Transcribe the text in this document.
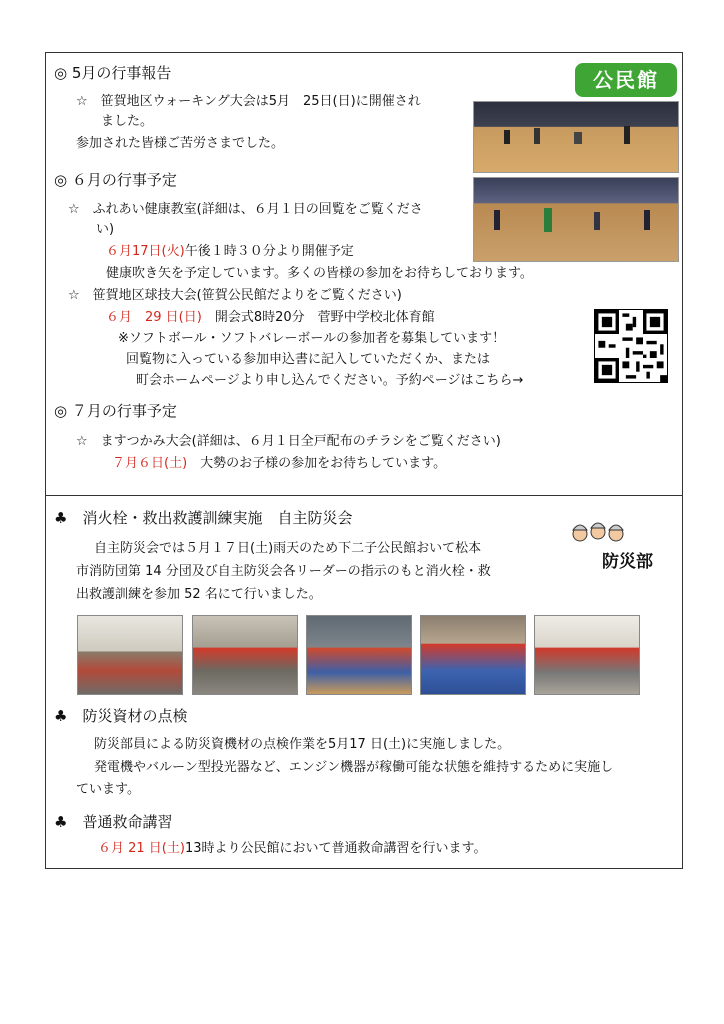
◎ 5月の行事報告	公民館
☆　笹賀地区ウォーキング大会は5月　25日(日)に開催され
ました。
参加された皆様ご苦労さまでした。
◎ ６月の行事予定
☆　ふれあい健康教室(詳細は、６月１日の回覧をご覧くださ
い)
６月17日(火)午後１時３０分より開催予定
健康吹き矢を予定しています。多くの皆様の参加をお待ちしております。
☆　笹賀地区球技大会(笹賀公民館だよりをご覧ください)
６月　29 日(日)　 開会式8時20分　菅野中学校北体育館
※ソフトボール・ソフトバレーボールの参加者を募集しています！
回覧物に入っている参加申込書に記入していただくか、または
町会ホームページより申し込んでください。予約ページはこちら→
◎ ７月の行事予定
☆　ますつかみ大会(詳細は、６月１日全戸配布のチラシをご覧ください)
７月６日(土)　 大勢のお子様の参加をお待ちしています。
♣　消火栓・救出救護訓練実施　自主防災会
防災部
自主防災会では５月１７日(土)雨天のため下二子公民館おいて松本
市消防団第 14 分団及び自主防災会各リーダーの指示のもと消火栓・救
出救護訓練を参加 52 名にて行いました。
♣　防災資材の点検
防災部員による防災資機材の点検作業を5月17 日(土)に実施しました。
発電機やバルーン型投光器など、エンジン機器が稼働可能な状態を維持するために実施し
ています。
♣　普通救命講習
６月 21 日(土)13時より公民館において普通救命講習を行います。
